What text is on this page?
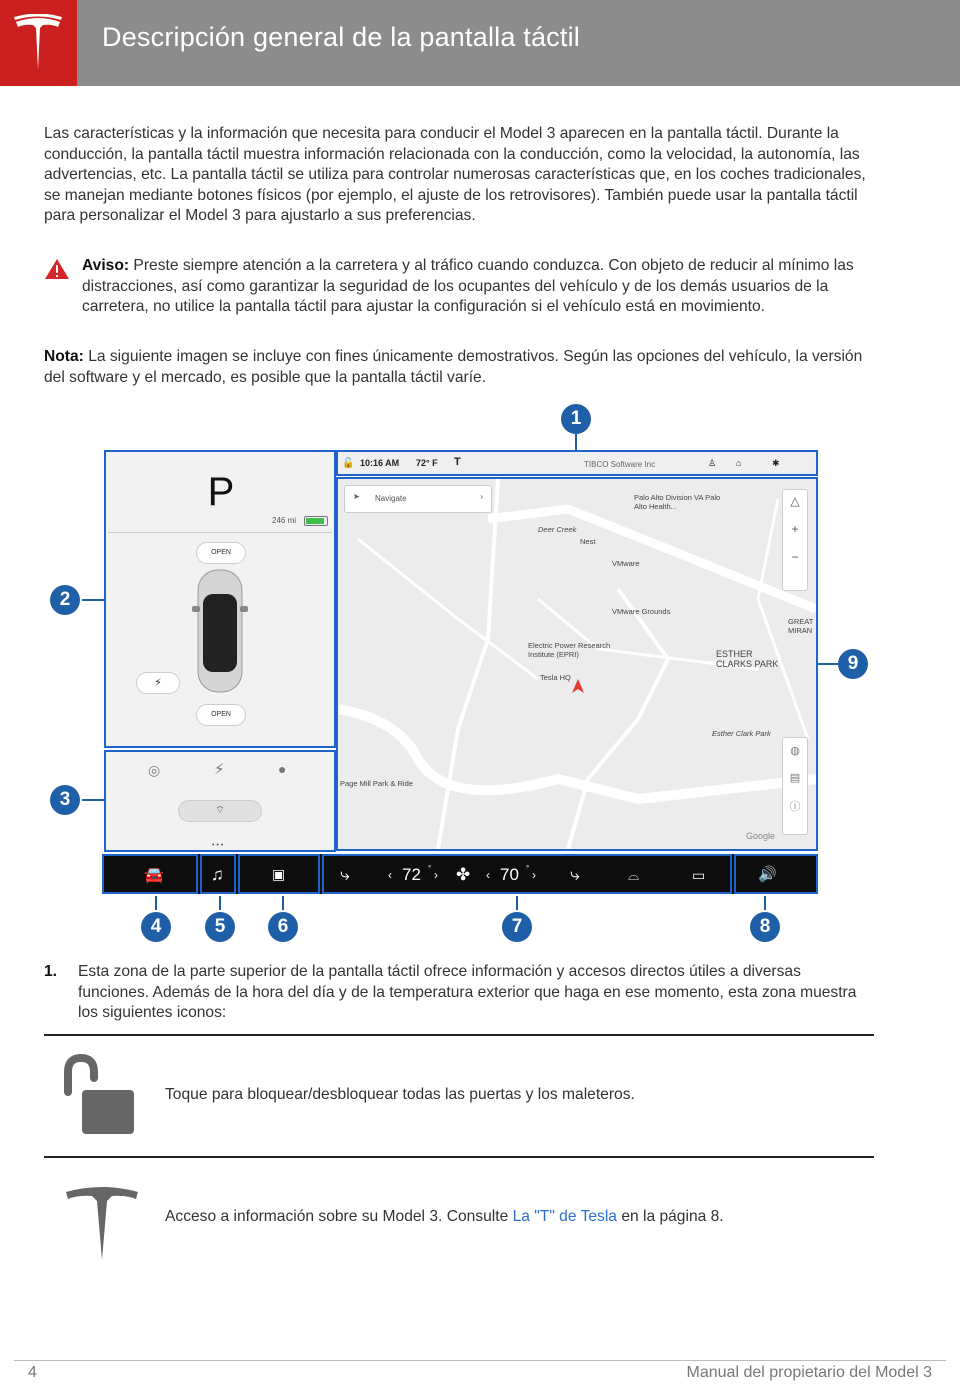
Descripción general de la pantalla táctil
Las características y la información que necesita para conducir el Model 3 aparecen en la pantalla táctil. Durante la conducción, la pantalla táctil muestra información relacionada con la conducción, como la velocidad, la autonomía, las advertencias, etc. La pantalla táctil se utiliza para controlar numerosas características que, en los coches tradicionales, se manejan mediante botones físicos (por ejemplo, el ajuste de los retrovisores). También puede usar la pantalla táctil para personalizar el Model 3 para ajustarlo a sus preferencias.
Aviso: Preste siempre atención a la carretera y al tráfico cuando conduzca. Con objeto de reducir al mínimo las distracciones, así como garantizar la seguridad de los ocupantes del vehículo y de los demás usuarios de la carretera, no utilice la pantalla táctil para ajustar la configuración si el vehículo está en movimiento.
Nota: La siguiente imagen se incluye con fines únicamente demostrativos. Según las opciones del vehículo, la versión del software y el mercado, es posible que la pantalla táctil varíe.
P
246 mi
OPEN
⚡
OPEN
◎	⚡	●
⌔
• • •
🔓 10:16 AM 72° F T	TIBCO Software Inc	♙ ⌂	✱
➤ Navigate	›
Deer Creek
Nest
VMware
VMware Grounds
Electric Power Research Institute (EPRI)
Tesla HQ
Palo Alto Division VA Palo Alto Health...
ESTHER CLARKS PARK
GREAT MIRAN
Esther Clark Park
Page Mill Park & Ride
Google
△
+
−
◍
▤
ⓘ
🚘	♫	▣	⤷	‹ 72 ° › ✤ ‹ 70 ° › ⤷	⌓	▭	🔊
1
2
3
4	5	6	7	8
9
1. Esta zona de la parte superior de la pantalla táctil ofrece información y accesos directos útiles a diversas funciones. Además de la hora del día y de la temperatura exterior que haga en ese momento, esta zona muestra los siguientes iconos:
Toque para bloquear/desbloquear todas las puertas y los maleteros.
Acceso a información sobre su Model 3. Consulte La "T" de Tesla en la página 8.
4	Manual del propietario del Model 3
